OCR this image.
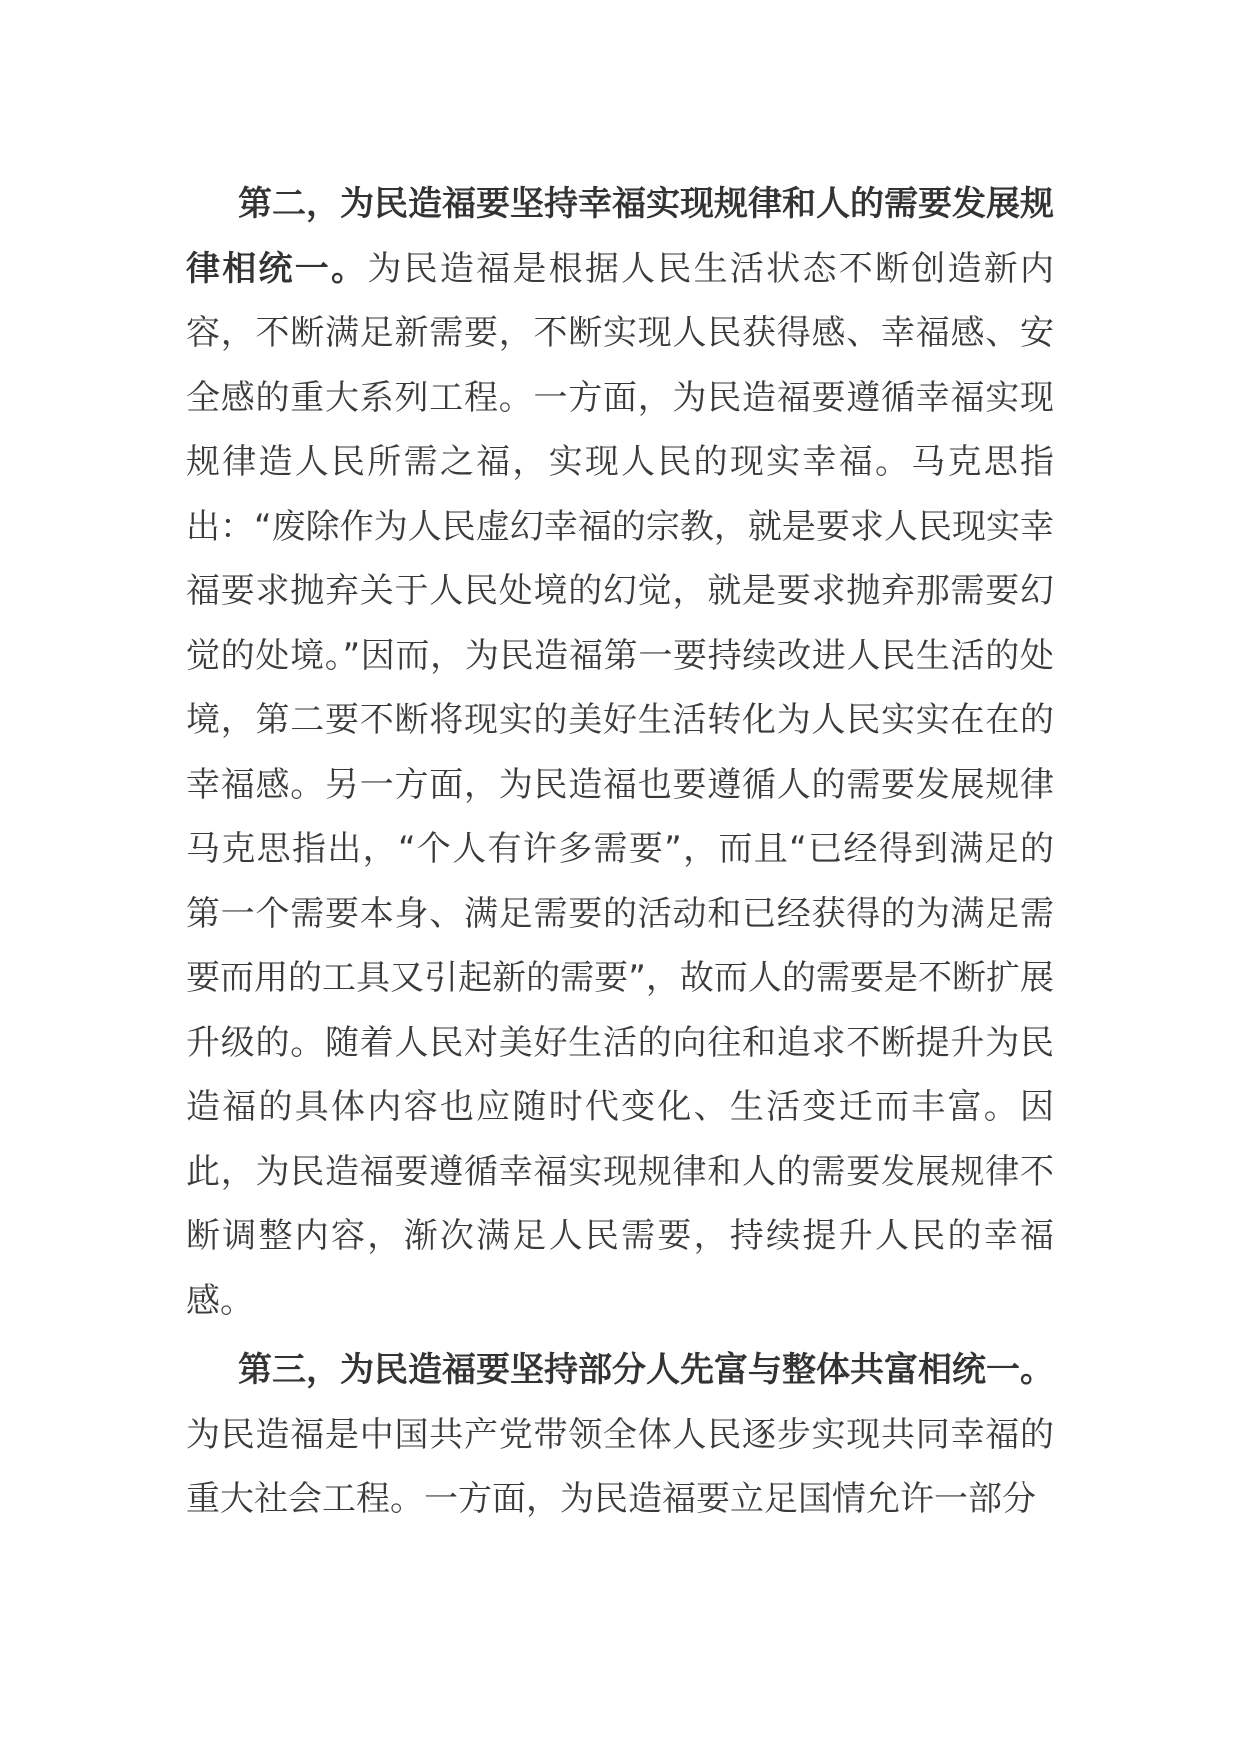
第二，为民造福要坚持幸福实现规律和人的需要发展规律相统一。为民造福是根据人民生活状态不断创造新内容，不断满足新需要，不断实现人民获得感、幸福感、安全感的重大系列工程。一方面，为民造福要遵循幸福实现规律造人民所需之福，实现人民的现实幸福。马克思指出：“废除作为人民虚幻幸福的宗教，就是要求人民现实幸福要求抛弃关于人民处境的幻觉，就是要求抛弃那需要幻觉的处境。”因而，为民造福第一要持续改进人民生活的处境，第二要不断将现实的美好生活转化为人民实实在在的幸福感。另一方面，为民造福也要遵循人的需要发展规律马克思指出，“个人有许多需要”，而且“已经得到满足的第一个需要本身、满足需要的活动和已经获得的为满足需要而用的工具又引起新的需要”，故而人的需要是不断扩展升级的。随着人民对美好生活的向往和追求不断提升为民造福的具体内容也应随时代变化、生活变迁而丰富。因此，为民造福要遵循幸福实现规律和人的需要发展规律不断调整内容，渐次满足人民需要，持续提升人民的幸福感。

第三，为民造福要坚持部分人先富与整体共富相统一。为民造福是中国共产党带领全体人民逐步实现共同幸福的重大社会工程。一方面，为民造福要立足国情允许一部分
